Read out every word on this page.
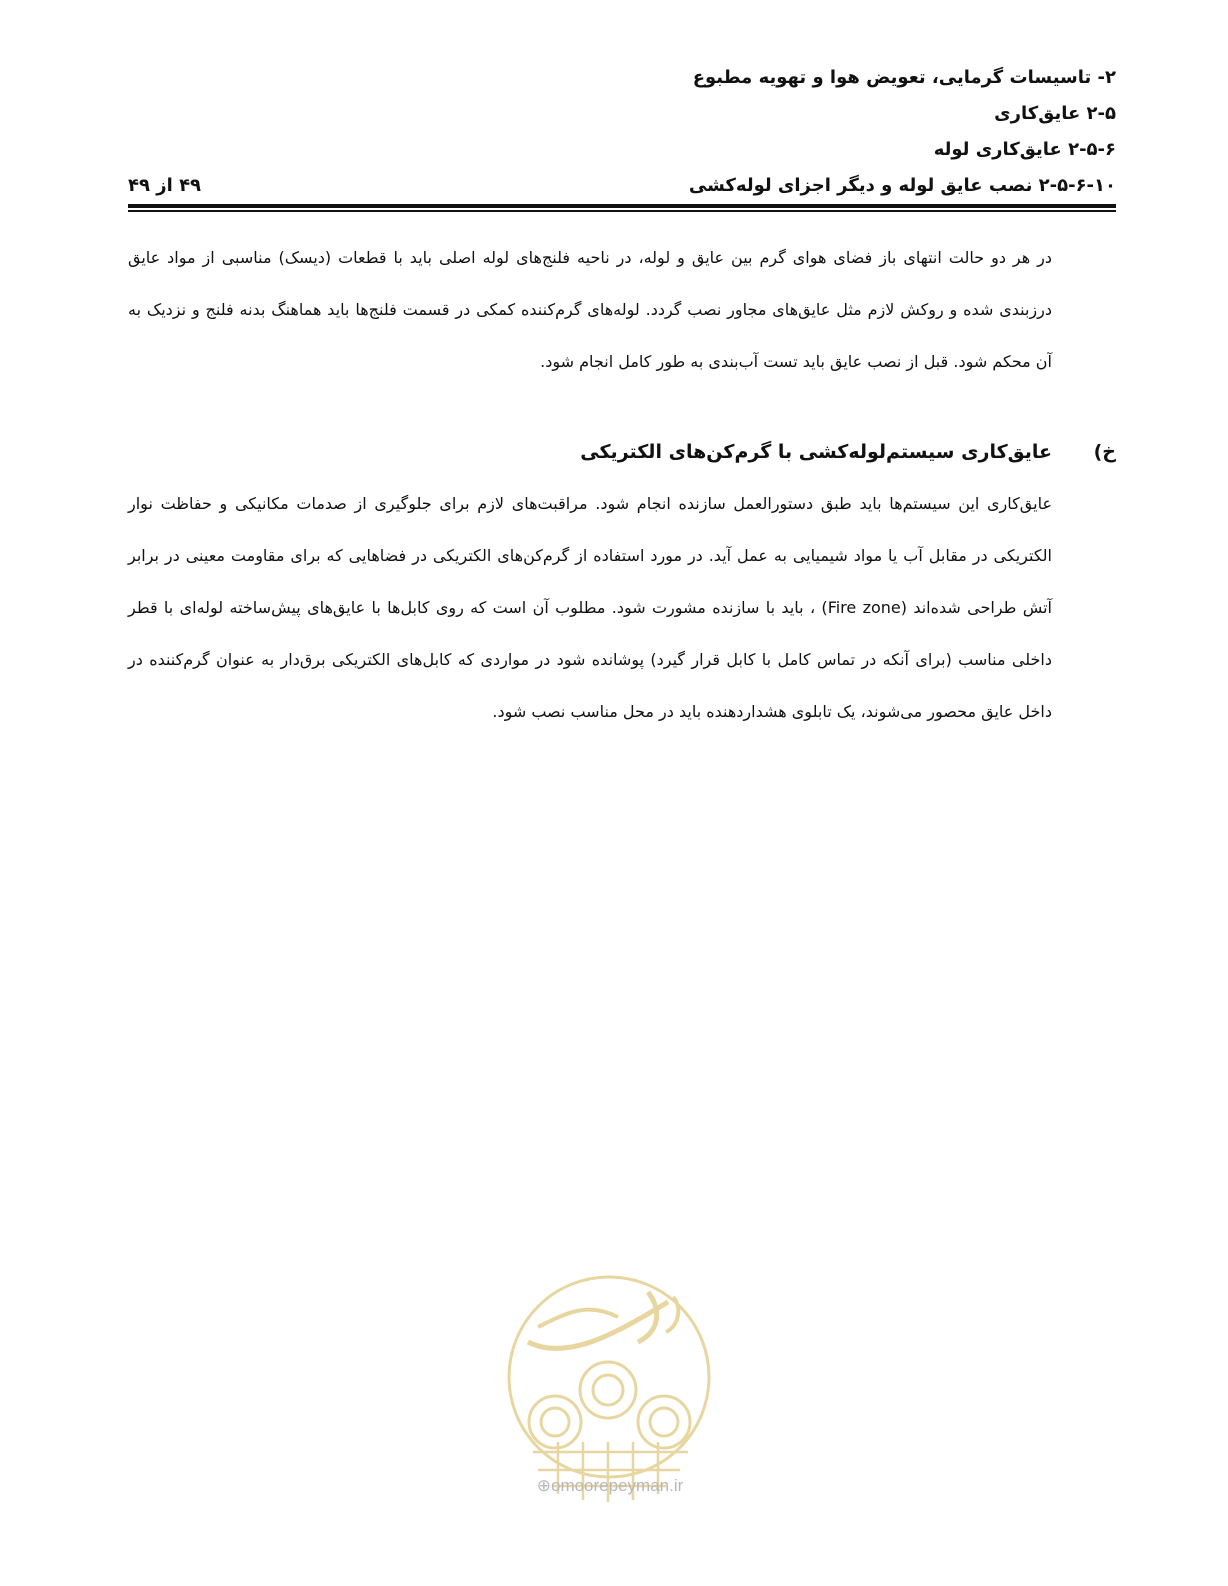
۲- تاسیسات گرمایی، تعویض هوا و تهویه مطبوع
۲-۵ عایق‌کاری
۲-۵-۶ عایق‌کاری لوله
۲-۵-۶-۱۰ نصب عایق لوله و دیگر اجزای لوله‌کشی
۴۹ از ۴۹

در هر دو حالت انتهای باز فضای هوای گرم بین عایق و لوله، در ناحیه فلنج‌های لوله اصلی باید با قطعات (دیسک) مناسبی از مواد عایق درزبندی شده و روکش لازم مثل عایق‌های مجاور نصب گردد. لوله‌های گرم‌کننده کمکی در قسمت فلنج‌ها باید هماهنگ بدنه فلنج و نزدیک به آن محکم شود. قبل از نصب عایق باید تست آب‌بندی به طور کامل انجام شود.

خ)
عایق‌کاری سیستم‌لوله‌کشی با گرم‌کن‌های الکتریکی

عایق‌کاری این سیستم‌ها باید طبق دستورالعمل سازنده انجام شود. مراقبت‌های لازم برای جلوگیری از صدمات مکانیکی و حفاظت نوار الکتریکی در مقابل آب یا مواد شیمیایی به عمل آید. در مورد استفاده از گرم‌کن‌های الکتریکی در فضاهایی که برای مقاومت معینی در برابر آتش طراحی شده‌اند (Fire zone) ، باید با سازنده مشورت شود. مطلوب آن است که روی کابل‌ها با عایق‌های پیش‌ساخته لوله‌ای با قطر داخلی مناسب (برای آنکه در تماس کامل با کابل قرار گیرد) پوشانده شود در مواردی که کابل‌های الکتریکی برق‌دار به عنوان گرم‌کننده در داخل عایق محصور می‌شوند، یک تابلوی هشداردهنده باید در محل مناسب نصب شود.

⊕omoorepeyman.ir
